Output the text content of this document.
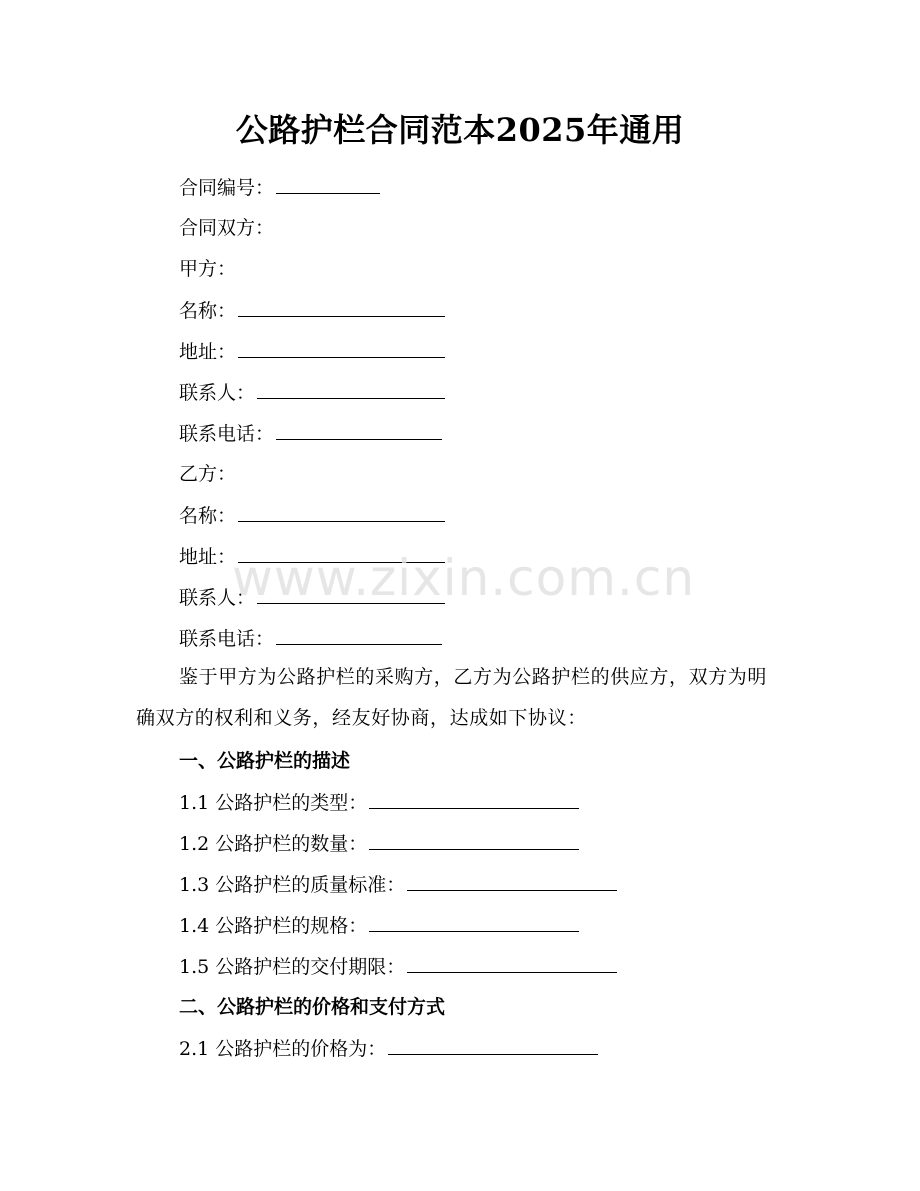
公路护栏合同范本2025年通用
合同编号：
合同双方：
甲方：
名称：
地址：
联系人：
联系电话：
乙方：
名称：
地址：
联系人：
联系电话：
鉴于甲方为公路护栏的采购方，乙方为公路护栏的供应方，双方为明确双方的权利和义务，经友好协商，达成如下协议：
一、公路护栏的描述
1.1 公路护栏的类型：
1.2 公路护栏的数量：
1.3 公路护栏的质量标准：
1.4 公路护栏的规格：
1.5 公路护栏的交付期限：
二、公路护栏的价格和支付方式
2.1 公路护栏的价格为：
www.zixin.com.cn
